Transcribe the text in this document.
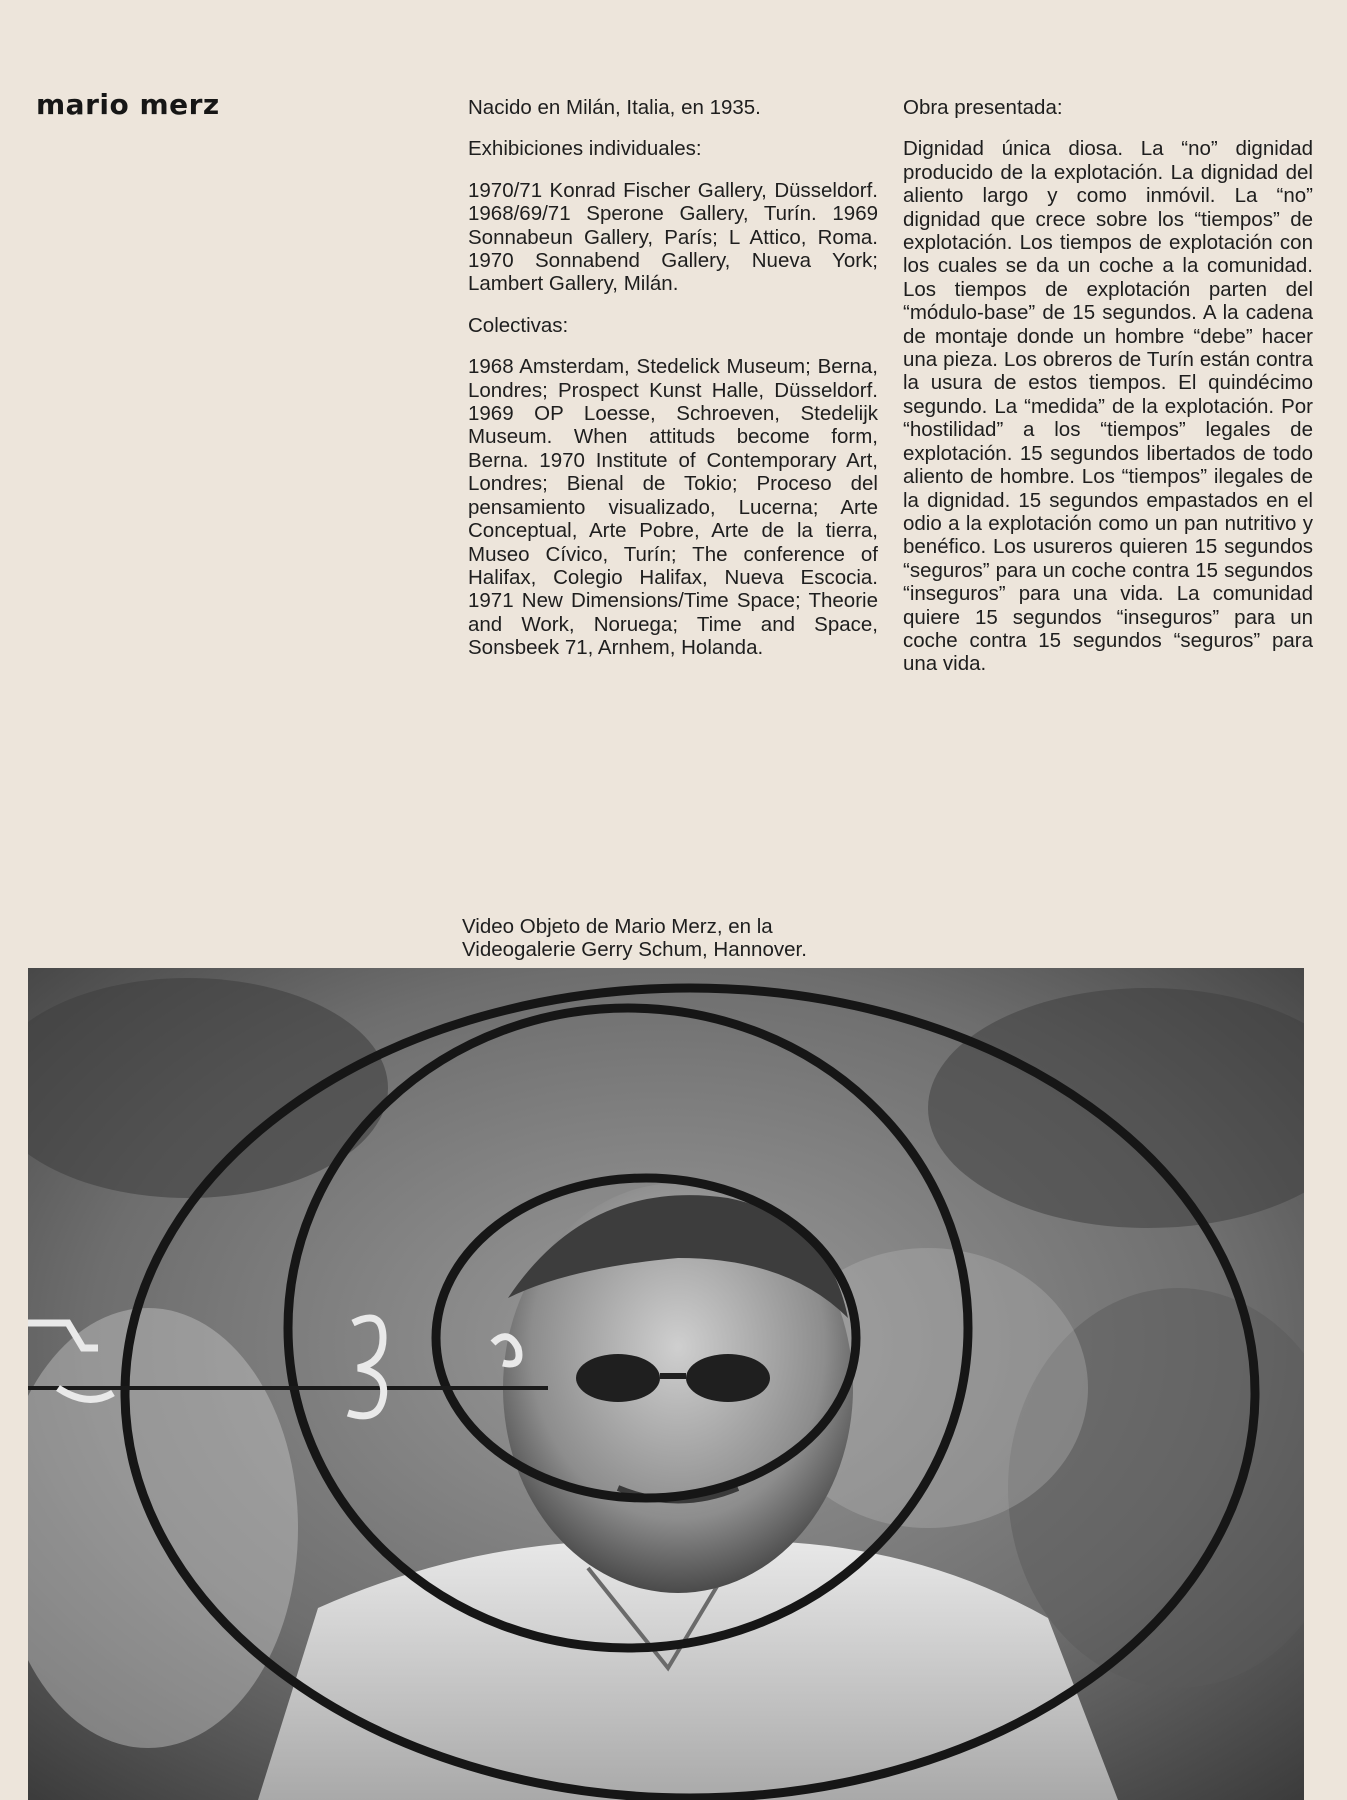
mario merz	Nacido en Milán, Italia, en 1935.

Exhibiciones individuales:

1970/71 Konrad Fischer Gallery, Düsseldorf. 1968/69/71 Sperone Gallery, Turín. 1969 Sonnabeun Gallery, París; L Attico, Roma. 1970 Sonnabend Gallery, Nueva York; Lambert Gallery, Milán.

Colectivas:

1968 Amsterdam, Stedelick Museum; Berna, Londres; Prospect Kunst Halle, Düsseldorf. 1969 OP Loesse, Schroeven, Stedelijk Museum. When attituds become form, Berna. 1970 Institute of Contemporary Art, Londres; Bienal de Tokio; Proceso del pensamiento visualizado, Lucerna; Arte Conceptual, Arte Pobre, Arte de la tierra, Museo Cívico, Turín; The conference of Halifax, Colegio Halifax, Nueva Escocia. 1971 New Dimensions/Time Space; Theorie and Work, Noruega; Time and Space, Sonsbeek 71, Arnhem, Holanda.

Obra presentada:

Dignidad única diosa. La “no” dignidad producido de la explotación. La dignidad del aliento largo y como inmóvil. La “no” dignidad que crece sobre los “tiempos” de explotación. Los tiempos de explotación con los cuales se da un coche a la comunidad. Los tiempos de explotación parten del “módulo-base” de 15 segundos. A la cadena de montaje donde un hombre “debe” hacer una pieza. Los obreros de Turín están contra la usura de estos tiempos. El quindécimo segundo. La “medida” de la explotación. Por “hostilidad” a los “tiempos” legales de explotación. 15 segundos libertados de todo aliento de hombre. Los “tiempos” ilegales de la dignidad. 15 segundos empastados en el odio a la explotación como un pan nutritivo y benéfico. Los usureros quieren 15 segundos “seguros” para un coche contra 15 segundos “inseguros” para una vida. La comunidad quiere 15 segundos “inseguros” para un coche contra 15 segundos “seguros” para una vida.

Video Objeto de Mario Merz, en la Videogalerie Gerry Schum, Hannover.
